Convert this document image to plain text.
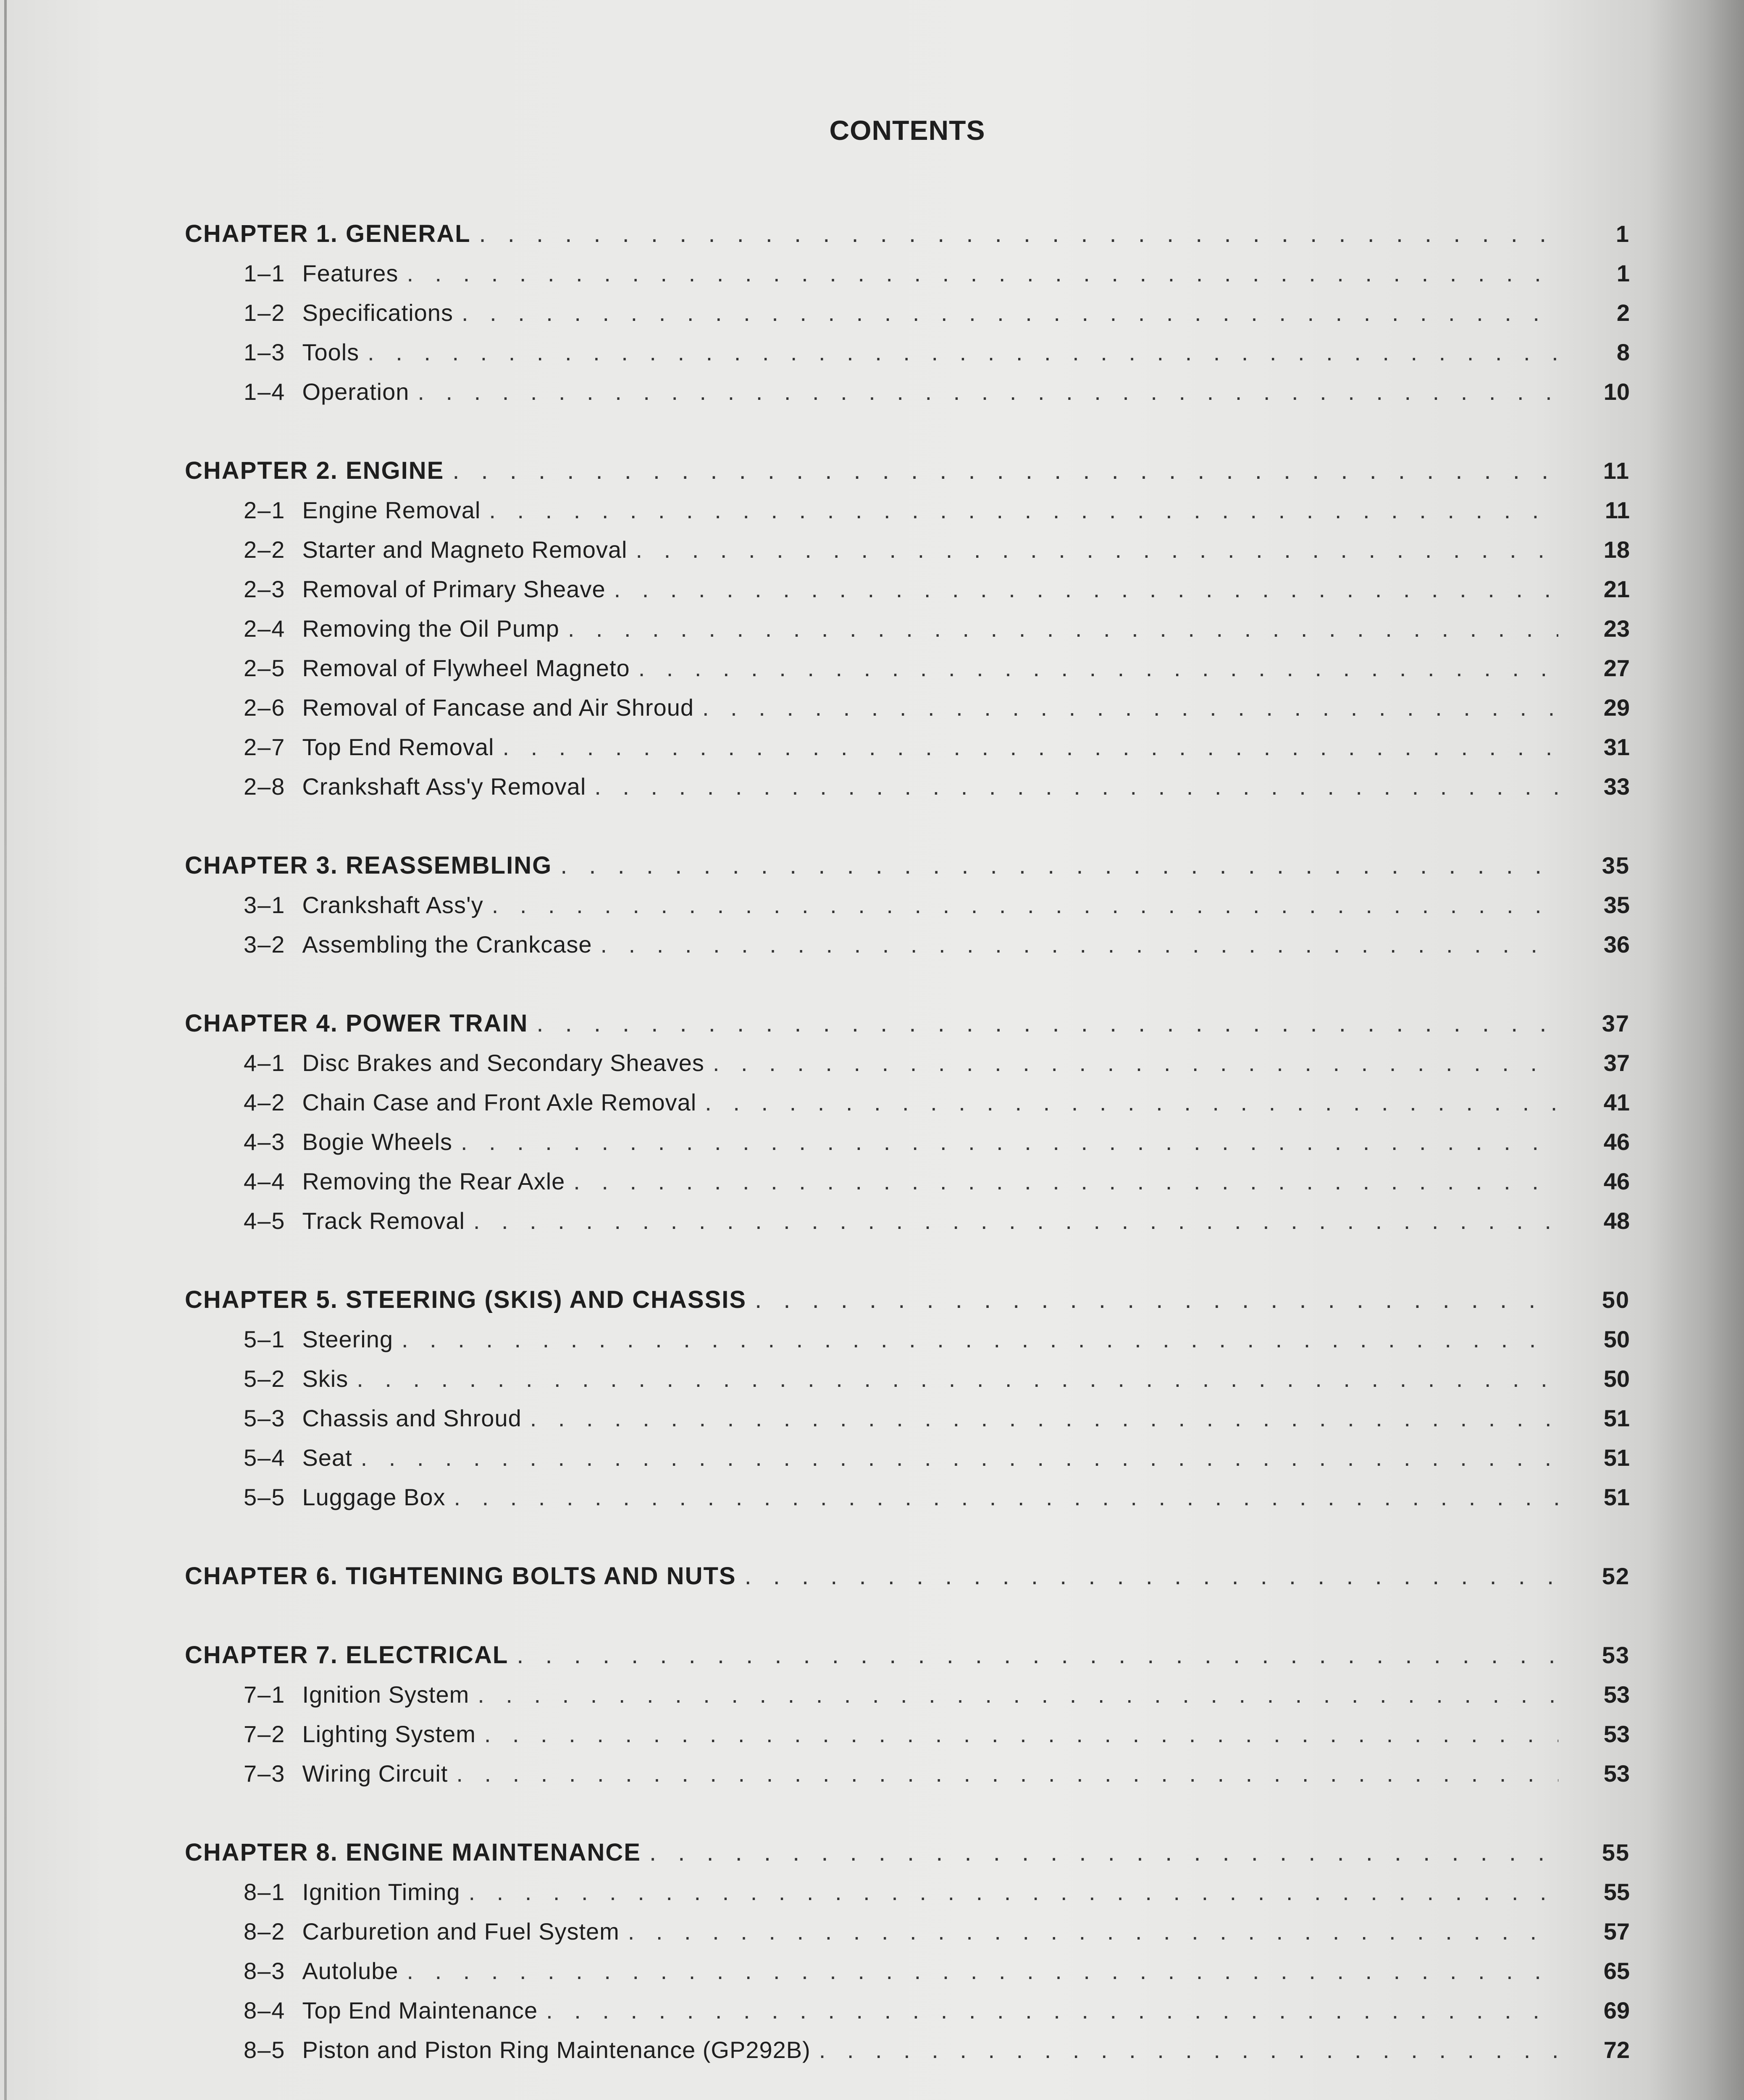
CONTENTS
CHAPTER 1. GENERAL . . .	1
1–1 Features . . .	1
1–2 Specifications . . .	2
1–3 Tools . . .	8
1–4 Operation . . .	10
CHAPTER 2. ENGINE . . .	11
2–1 Engine Removal . . .	11
2–2 Starter and Magneto Removal . . .	18
2–3 Removal of Primary Sheave . . .	21
2–4 Removing the Oil Pump . . .	23
2–5 Removal of Flywheel Magneto . . .	27
2–6 Removal of Fancase and Air Shroud . . .	29
2–7 Top End Removal . . .	31
2–8 Crankshaft Ass'y Removal . . .	33
CHAPTER 3. REASSEMBLING . . .	35
3–1 Crankshaft Ass'y . . .	35
3–2 Assembling the Crankcase . . .	36
CHAPTER 4. POWER TRAIN . . .	37
4–1 Disc Brakes and Secondary Sheaves . . .	37
4–2 Chain Case and Front Axle Removal . . .	41
4–3 Bogie Wheels . . .	46
4–4 Removing the Rear Axle . . .	46
4–5 Track Removal . . .	48
CHAPTER 5. STEERING (SKIS) AND CHASSIS . . .	50
5–1 Steering . . .	50
5–2 Skis . . .	50
5–3 Chassis and Shroud . . .	51
5–4 Seat . . .	51
5–5 Luggage Box . . .	51
CHAPTER 6. TIGHTENING BOLTS AND NUTS . . .	52
CHAPTER 7. ELECTRICAL . . .	53
7–1 Ignition System . . .	53
7–2 Lighting System . . .	53
7–3 Wiring Circuit . . .	53
CHAPTER 8. ENGINE MAINTENANCE . . .	55
8–1 Ignition Timing . . .	55
8–2 Carburetion and Fuel System . . .	57
8–3 Autolube . . .	65
8–4 Top End Maintenance . . .	69
8–5 Piston and Piston Ring Maintenance (GP292B) . . .	72
